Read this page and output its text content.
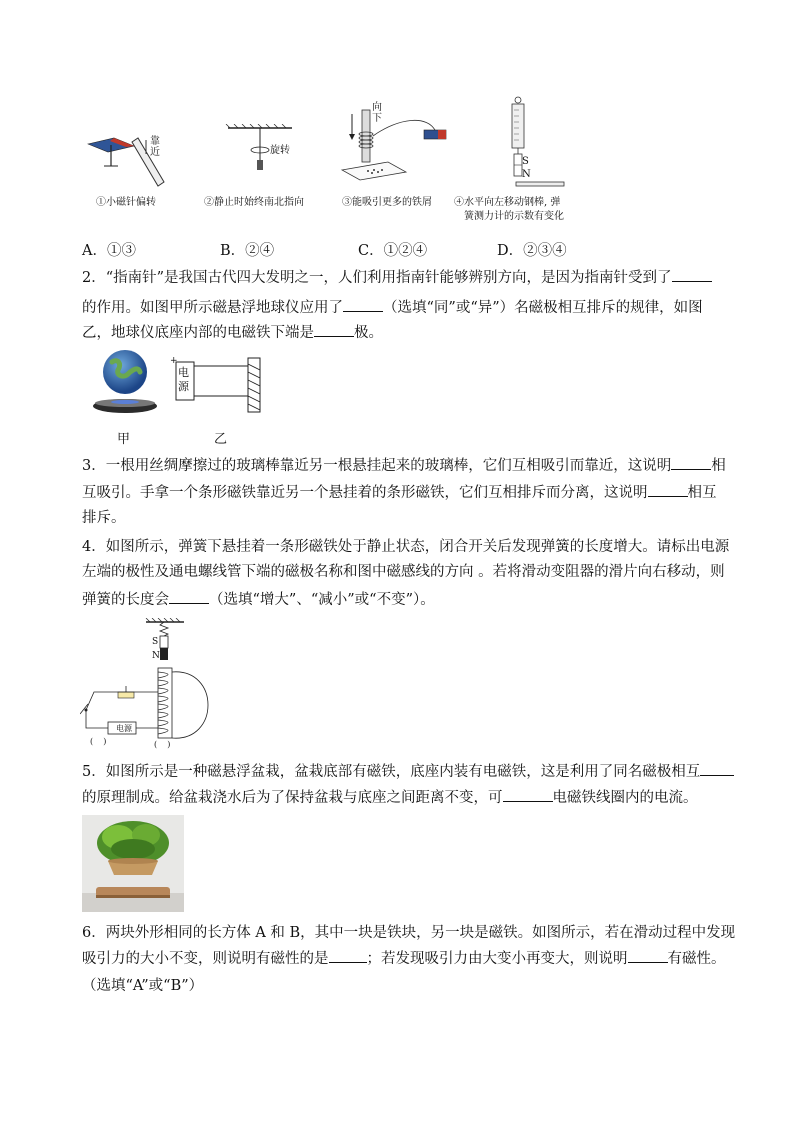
靠近
①小磁针偏转
旋转
②静止时始终南北指向
向下
③能吸引更多的铁屑
S
N
④水平向左移动钢棒, 弹
簧测力计的示数有变化
A．①③	B．②④	C．①②④	D．②③④
2．“指南针”是我国古代四大发明之一，人们利用指南针能够辨别方向，是因为指南针受到了
的作用。如图甲所示磁悬浮地球仪应用了	（选填“同”或“异”）名磁极相互排斥的规律，如图
乙，地球仪底座内部的电磁铁下端是	极。
甲
+
电源
乙
3．一根用丝绸摩擦过的玻璃棒靠近另一根悬挂起来的玻璃棒，它们互相吸引而靠近，这说明	相
互吸引。手拿一个条形磁铁靠近另一个悬挂着的条形磁铁，它们互相排斥而分离，这说明	相互
排斥。
4．如图所示，弹簧下悬挂着一条形磁铁处于静止状态，闭合开关后发现弹簧的长度增大。请标出电源
左端的极性及通电螺线管下端的磁极名称和图中磁感线的方向 。若将滑动变阻器的滑片向右移动，则
弹簧的长度会	（选填“增大”、“减小”或“不变”）。
S
N
电源
(    )	(    )
5．如图所示是一种磁悬浮盆栽，盆栽底部有磁铁，底座内装有电磁铁，这是利用了同名磁极相互
的原理制成。给盆栽浇水后为了保持盆栽与底座之间距离不变，可	电磁铁线圈内的电流。
6．两块外形相同的长方体 A 和 B，其中一块是铁块，另一块是磁铁。如图所示，若在滑动过程中发现
吸引力的大小不变，则说明有磁性的是	；若发现吸引力由大变小再变大，则说明	有磁性。
（选填“A”或“B”）
